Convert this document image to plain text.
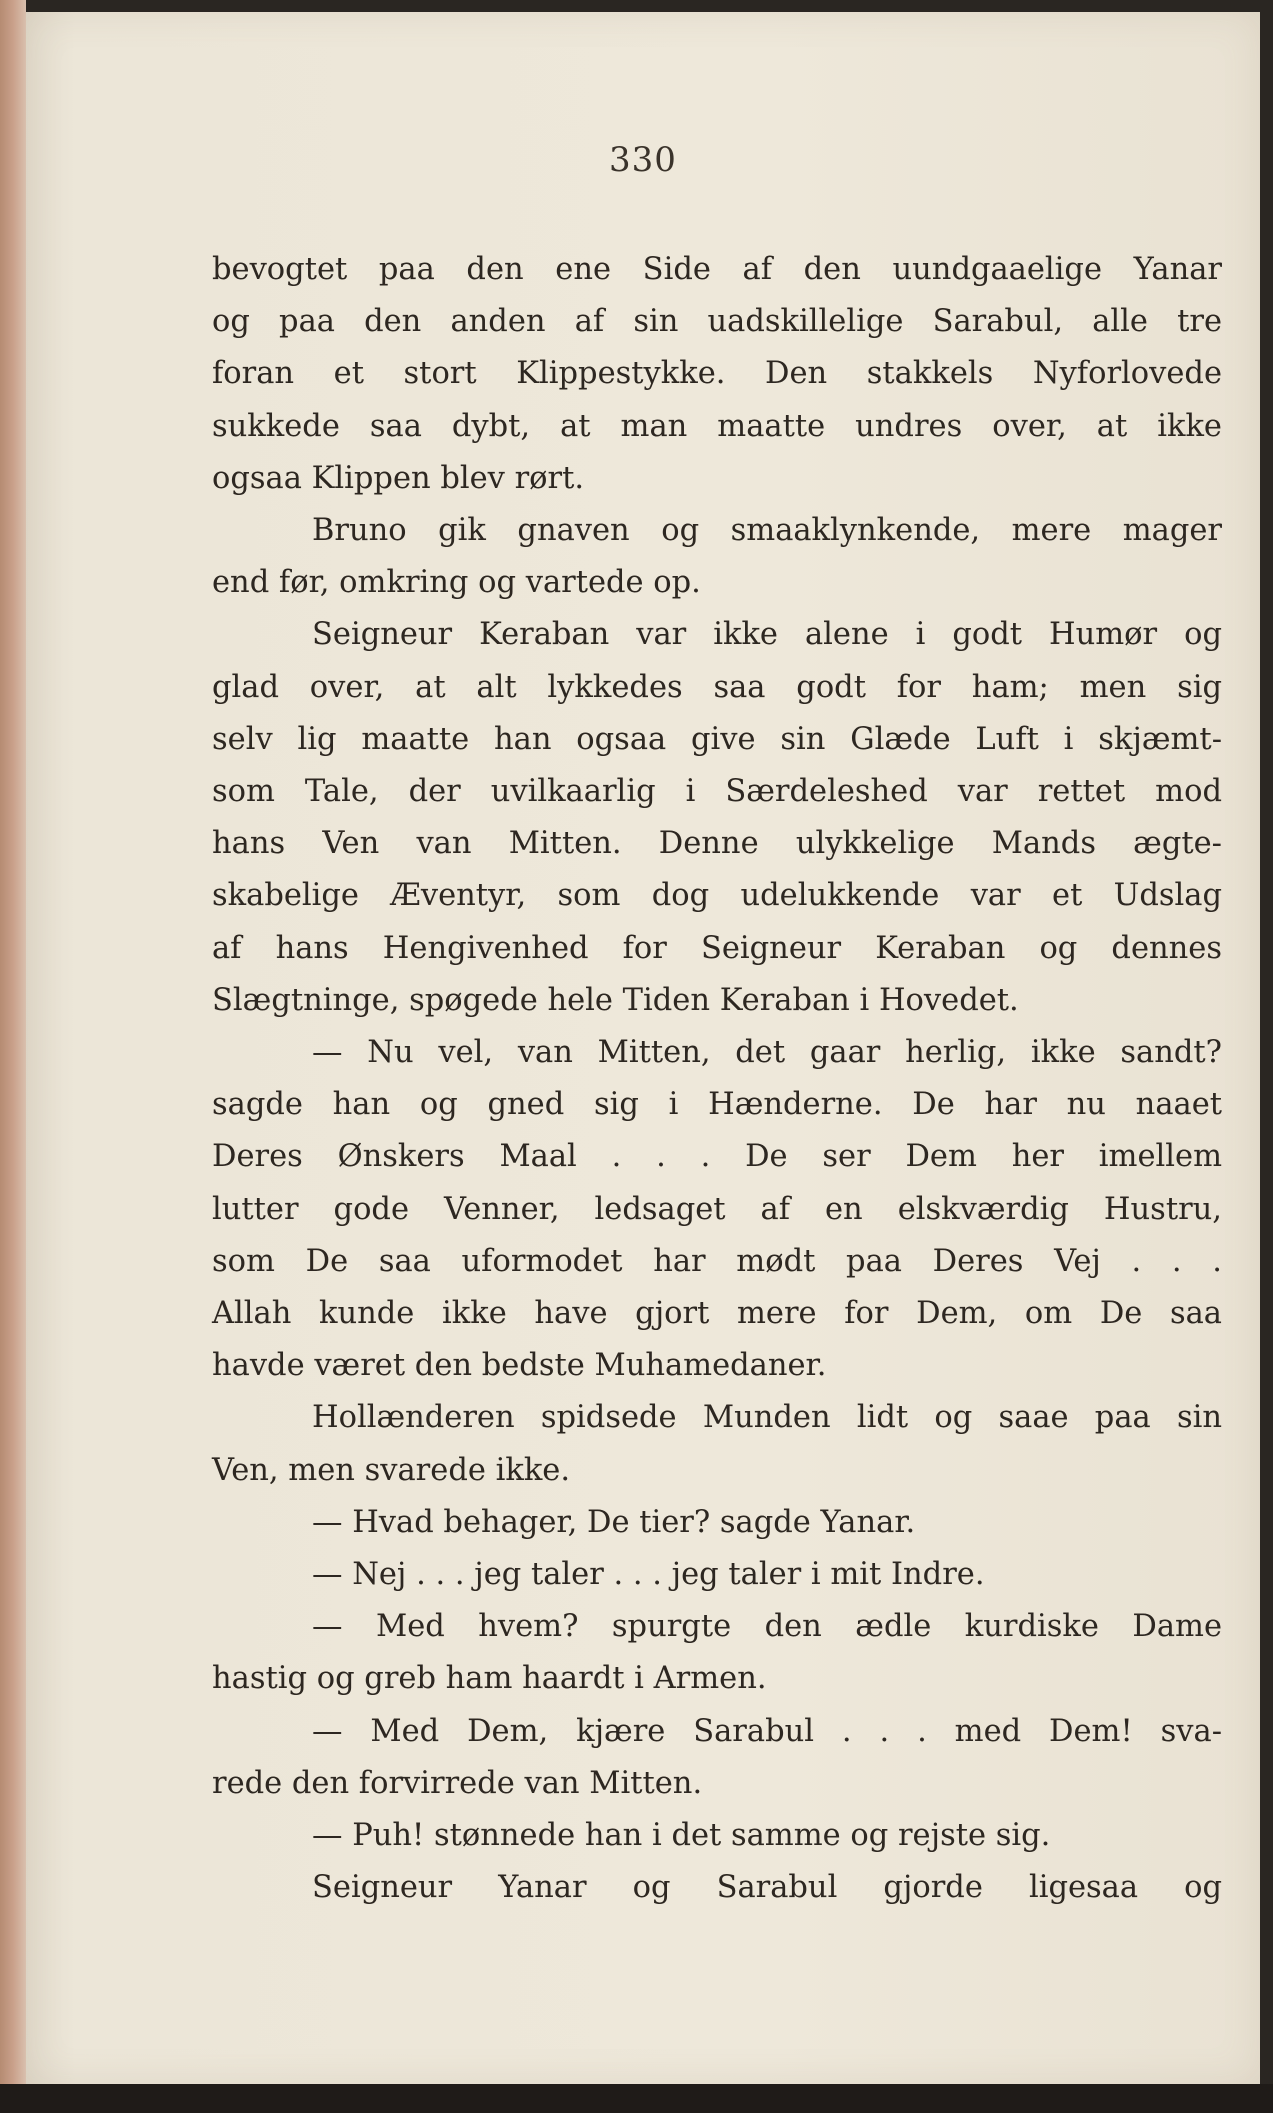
330

bevogtet paa den ene Side af den uundgaaelige Yanar

og paa den anden af sin uadskillelige Sarabul, alle tre

foran et stort Klippestykke. Den stakkels Nyforlovede

sukkede saa dybt, at man maatte undres over, at ikke

ogsaa Klippen blev rørt.

Bruno gik gnaven og smaaklynkende, mere mager

end før, omkring og vartede op.

Seigneur Keraban var ikke alene i godt Humør og

glad over, at alt lykkedes saa godt for ham; men sig

selv lig maatte han ogsaa give sin Glæde Luft i skjæmt-

som Tale, der uvilkaarlig i Særdeleshed var rettet mod

hans Ven van Mitten. Denne ulykkelige Mands ægte-

skabelige Æventyr, som dog udelukkende var et Udslag

af hans Hengivenhed for Seigneur Keraban og dennes

Slægtninge, spøgede hele Tiden Keraban i Hovedet.

— Nu vel, van Mitten, det gaar herlig, ikke sandt?

sagde han og gned sig i Hænderne. De har nu naaet

Deres Ønskers Maal . . . De ser Dem her imellem

lutter gode Venner, ledsaget af en elskværdig Hustru,

som De saa uformodet har mødt paa Deres Vej . . .

Allah kunde ikke have gjort mere for Dem, om De saa

havde været den bedste Muhamedaner.

Hollænderen spidsede Munden lidt og saae paa sin

Ven, men svarede ikke.

— Hvad behager, De tier? sagde Yanar.

— Nej . . . jeg taler . . . jeg taler i mit Indre.

— Med hvem? spurgte den ædle kurdiske Dame

hastig og greb ham haardt i Armen.

— Med Dem, kjære Sarabul . . . med Dem! sva-

rede den forvirrede van Mitten.

— Puh! stønnede han i det samme og rejste sig.

Seigneur Yanar og Sarabul gjorde ligesaa og
